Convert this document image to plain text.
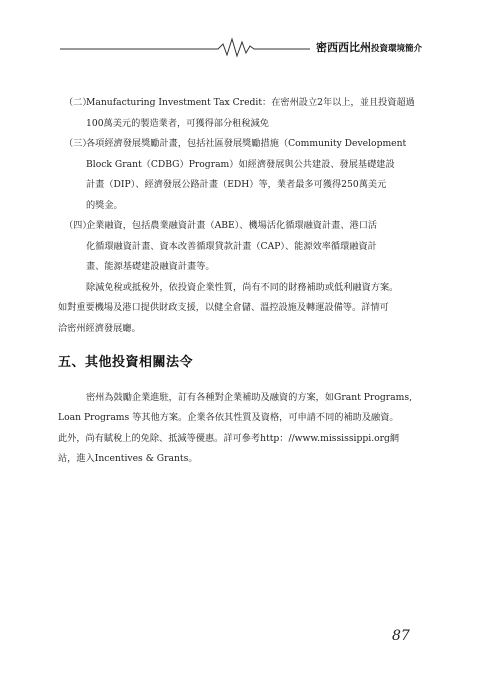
密西西比州投資環境簡介
（二）
Manufacturing Investment Tax Credit：在密州設立2年以上，並且投資超過
100萬美元的製造業者，可獲得部分租稅減免
（三）
各項經濟發展獎勵計畫，包括社區發展獎勵措施（Community Development
Block Grant（CDBG）Program）如經濟發展與公共建設、發展基礎建設
計畫（DIP）、經濟發展公路計畫（EDH）等，業者最多可獲得250萬美元
的獎金。
（四）
企業融資，包括農業融資計畫（ABE）、機場活化循環融資計畫、港口活
化循環融資計畫、資本改善循環貸款計畫（CAP）、能源效率循環融資計
畫、能源基礎建設融資計畫等。
除減免稅或抵稅外，依投資企業性質，尚有不同的財務補助或低利融資方案。
如對重要機場及港口提供財政支援，以健全倉儲、溫控設施及轉運設備等。詳情可
洽密州經濟發展廳。
五、其他投資相關法令
密州為鼓勵企業進駐，訂有各種對企業補助及融資的方案，如Grant Programs,
Loan Programs 等其他方案。企業各依其性質及資格，可申請不同的補助及融資。
此外，尚有賦稅上的免除、抵減等優惠。詳可參考http：//www.mississippi.org網
站，進入Incentives & Grants。
87
